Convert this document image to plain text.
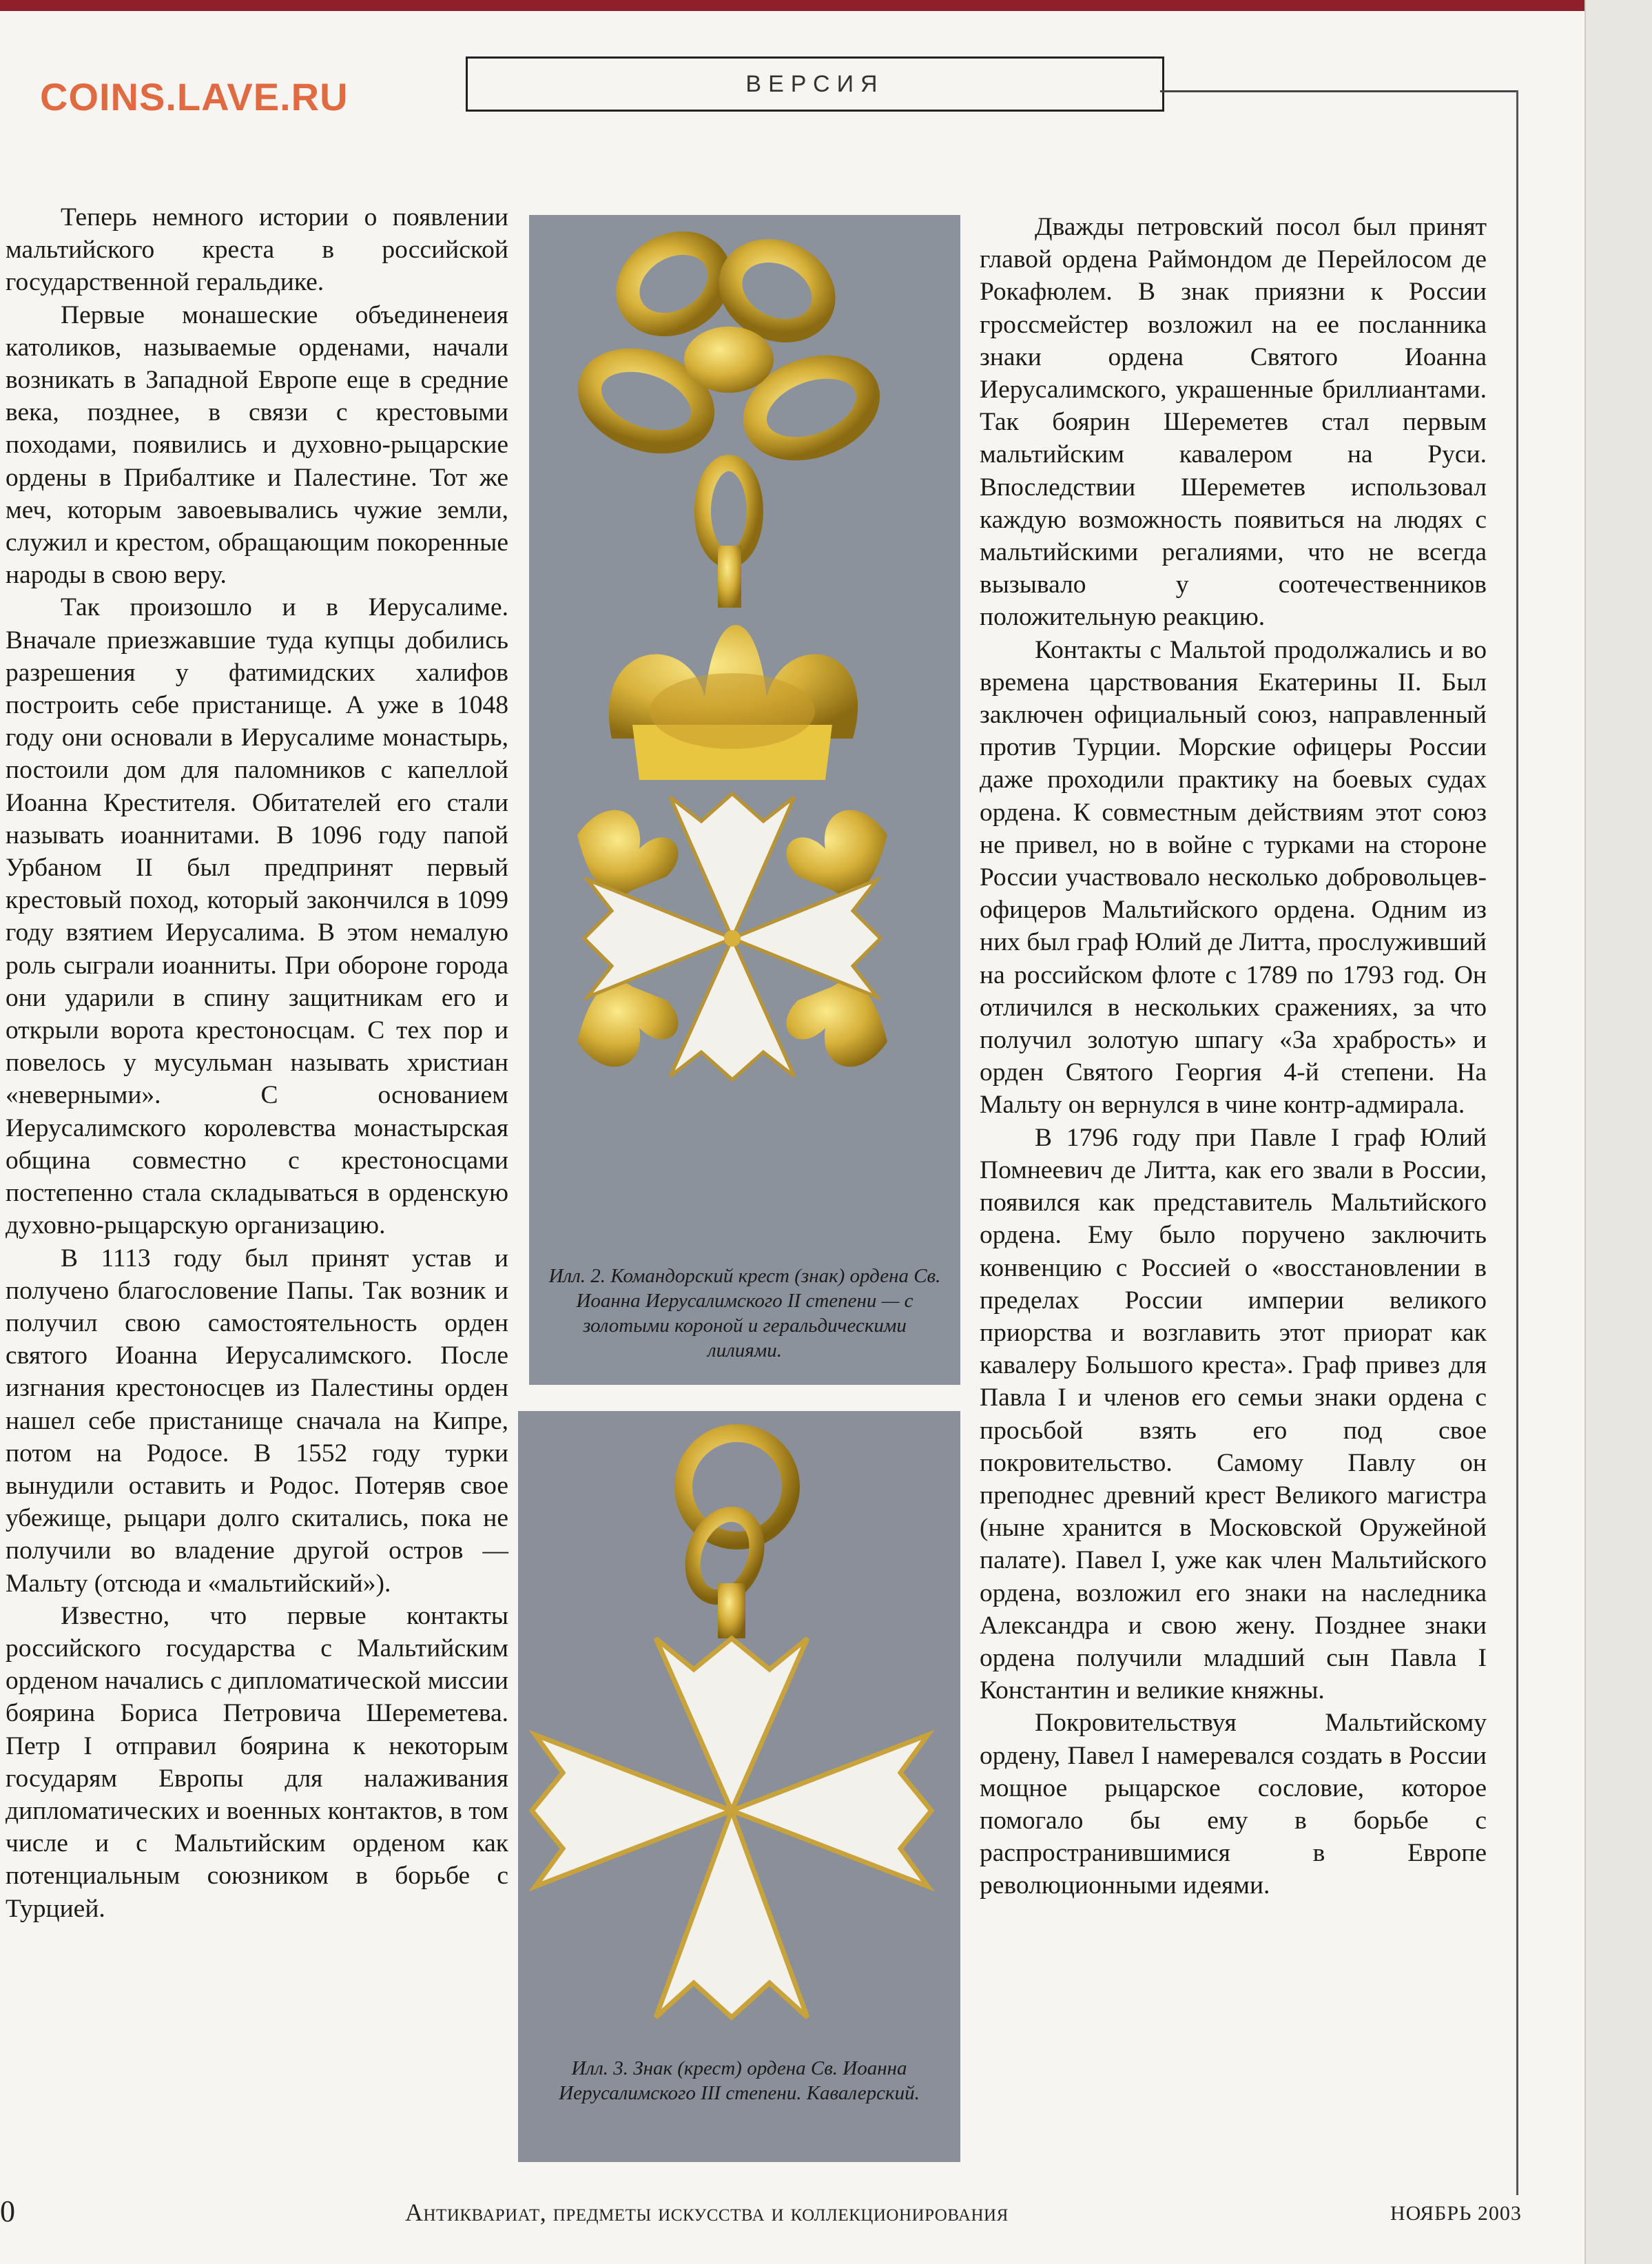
COINS.LAVE.RU	ВЕРСИЯ

Теперь немного истории о появлении мальтийского креста в российской государственной геральдике.

Первые монашеские объединенеия католиков, называемые орденами, начали возникать в Западной Европе еще в средние века, позднее, в связи с крестовыми походами, появились и духовно-рыцарские ордены в Прибалтике и Палестине. Тот же меч, которым завоевывались чужие земли, служил и крестом, обращающим покоренные народы в свою веру.

Так произошло и в Иерусалиме. Вначале приезжавшие туда купцы добились разрешения у фатимидских халифов построить себе пристанище. А уже в 1048 году они основали в Иерусалиме монастырь, постоили дом для паломников с капеллой Иоанна Крестителя. Обитателей его стали называть иоаннитами. В 1096 году папой Урбаном II был предпринят первый крестовый поход, который закончился в 1099 году взятием Иерусалима. В этом немалую роль сыграли иоанниты. При обороне города они ударили в спину защитникам его и открыли ворота крестоносцам. С тех пор и повелось у мусульман называть христиан «неверными». С основанием Иерусалимского королевства монастырская община совместно с крестоносцами постепенно стала складываться в орденскую духовно-рыцарскую организацию.

В 1113 году был принят устав и получено благословение Папы. Так возник и получил свою самостоятельность орден святого Иоанна Иерусалимского. После изгнания крестоносцев из Палестины орден нашел себе пристанище сначала на Кипре, потом на Родосе. В 1552 году турки вынудили оставить и Родос. Потеряв свое убежище, рыцари долго скитались, пока не получили во владение другой остров — Мальту (отсюда и «мальтийский»).

Известно, что первые контакты российского государства с Мальтийским орденом начались с дипломатической миссии боярина Бориса Петровича Шереметева. Петр I отправил боярина к некоторым государям Европы для налаживания дипломатических и военных контактов, в том числе и с Мальтийским орденом как потенциальным союзником в борьбе с Турцией.

Илл. 2. Командорский крест (знак) ордена Св. Иоанна Иерусалимского II степени — с золотыми короной и геральдическими лилиями.
Илл. 3. Знак (крест) ордена Св. Иоанна Иерусалимского III степени. Кавалерский.

Дважды петровский посол был принят главой ордена Раймондом де Перейлосом де Рокафюлем. В знак приязни к России гроссмейстер возложил на ее посланника знаки ордена Святого Иоанна Иерусалимского, украшенные бриллиантами. Так боярин Шереметев стал первым мальтийским кавалером на Руси. Впоследствии Шереметев использовал каждую возможность появиться на людях с мальтийскими регалиями, что не всегда вызывало у соотечественников положительную реакцию.

Контакты с Мальтой продолжались и во времена царствования Екатерины II. Был заключен официальный союз, направленный против Турции. Морские офицеры России даже проходили практику на боевых судах ордена. К совместным действиям этот союз не привел, но в войне с турками на стороне России участвовало несколько добровольцев-офицеров Мальтийского ордена. Одним из них был граф Юлий де Литта, прослуживший на российском флоте с 1789 по 1793 год. Он отличился в нескольких сражениях, за что получил золотую шпагу «За храбрость» и орден Святого Георгия 4-й степени. На Мальту он вернулся в чине контр-адмирала.

В 1796 году при Павле I граф Юлий Помнеевич де Литта, как его звали в России, появился как представитель Мальтийского ордена. Ему было поручено заключить конвенцию с Россией о «восстановлении в пределах России империи великого приорства и возглавить этот приорат как кавалеру Большого креста». Граф привез для Павла I и членов его семьи знаки ордена с просьбой взять его под свое покровительство. Самому Павлу он преподнес древний крест Великого магистра (ныне хранится в Московской Оружейной палате). Павел I, уже как член Мальтийского ордена, возложил его знаки на наследника Александра и свою жену. Позднее знаки ордена получили младший сын Павла I Константин и великие княжны.

Покровительствуя Мальтийскому ордену, Павел I намеревался создать в России мощное рыцарское сословие, которое помогало бы ему в борьбе с распространившимися в Европе революционными идеями.

0	Антиквариат, предметы искусства и коллекционирования	НОЯБРЬ 2003
